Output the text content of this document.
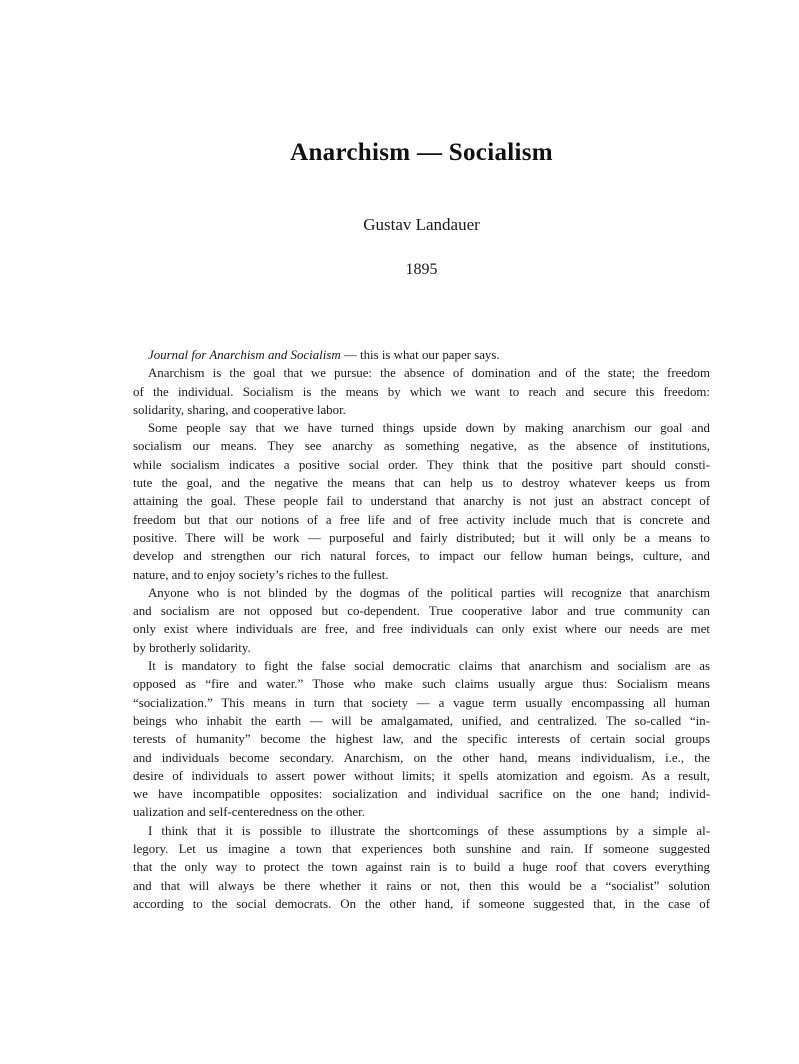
Anarchism — Socialism
Gustav Landauer
1895
Journal for Anarchism and Socialism — this is what our paper says.
Anarchism is the goal that we pursue: the absence of domination and of the state; the freedom
of the individual. Socialism is the means by which we want to reach and secure this freedom:
solidarity, sharing, and cooperative labor.
Some people say that we have turned things upside down by making anarchism our goal and
socialism our means. They see anarchy as something negative, as the absence of institutions,
while socialism indicates a positive social order. They think that the positive part should consti-
tute the goal, and the negative the means that can help us to destroy whatever keeps us from
attaining the goal. These people fail to understand that anarchy is not just an abstract concept of
freedom but that our notions of a free life and of free activity include much that is concrete and
positive. There will be work — purposeful and fairly distributed; but it will only be a means to
develop and strengthen our rich natural forces, to impact our fellow human beings, culture, and
nature, and to enjoy society’s riches to the fullest.
Anyone who is not blinded by the dogmas of the political parties will recognize that anarchism
and socialism are not opposed but co-dependent. True cooperative labor and true community can
only exist where individuals are free, and free individuals can only exist where our needs are met
by brotherly solidarity.
It is mandatory to fight the false social democratic claims that anarchism and socialism are as
opposed as “fire and water.” Those who make such claims usually argue thus: Socialism means
“socialization.” This means in turn that society — a vague term usually encompassing all human
beings who inhabit the earth — will be amalgamated, unified, and centralized. The so-called “in-
terests of humanity” become the highest law, and the specific interests of certain social groups
and individuals become secondary. Anarchism, on the other hand, means individualism, i.e., the
desire of individuals to assert power without limits; it spells atomization and egoism. As a result,
we have incompatible opposites: socialization and individual sacrifice on the one hand; individ-
ualization and self-centeredness on the other.
I think that it is possible to illustrate the shortcomings of these assumptions by a simple al-
legory. Let us imagine a town that experiences both sunshine and rain. If someone suggested
that the only way to protect the town against rain is to build a huge roof that covers everything
and that will always be there whether it rains or not, then this would be a “socialist” solution
according to the social democrats. On the other hand, if someone suggested that, in the case of
